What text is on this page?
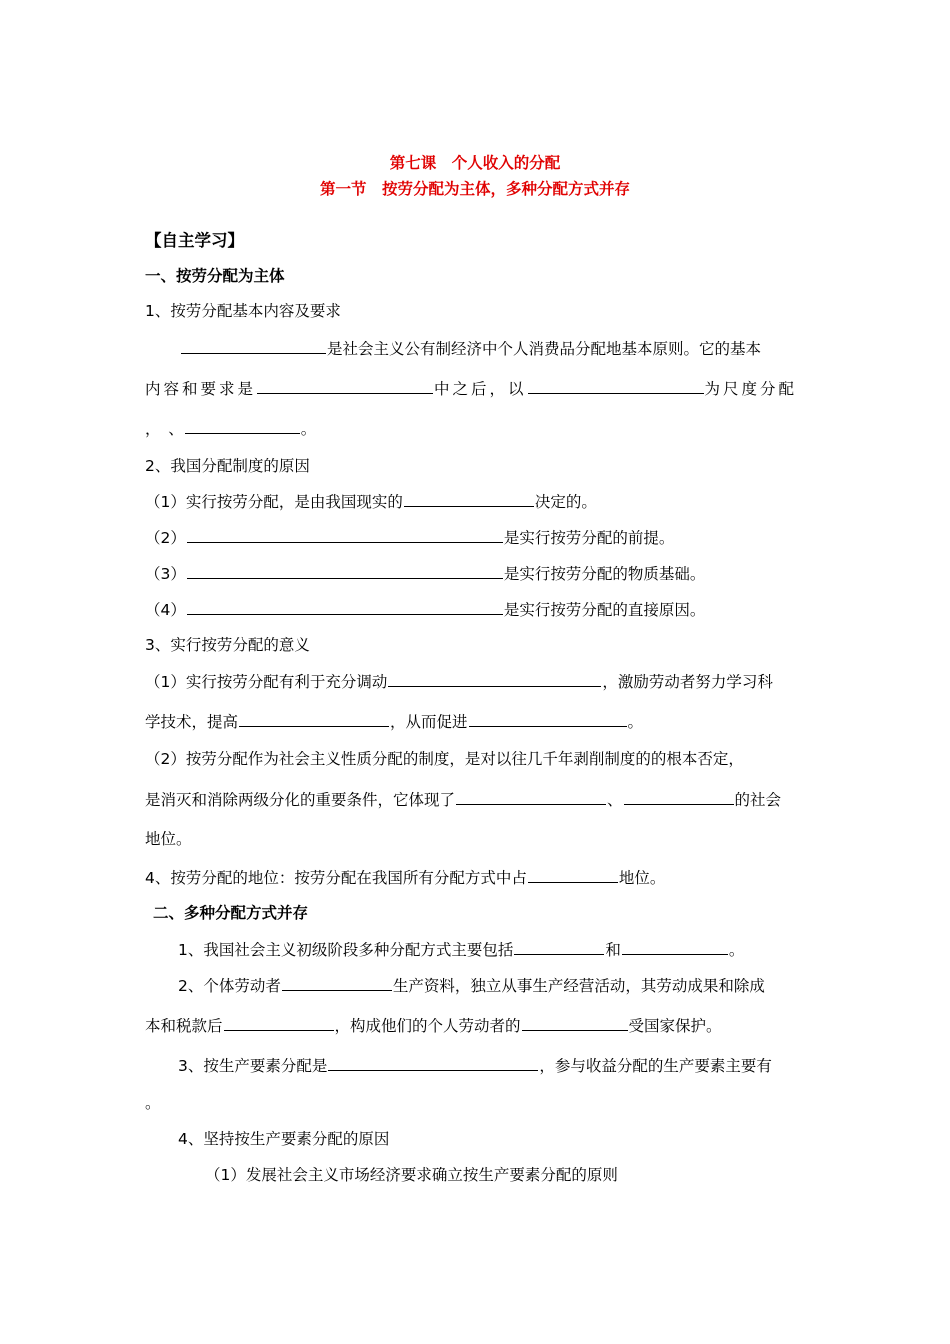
第七课　个人收入的分配
第一节　按劳分配为主体，多种分配方式并存
【自主学习】
一、按劳分配为主体
1、按劳分配基本内容及要求
是社会主义公有制经济中个人消费品分配地基本原则。它的基本
内容和要求是	中之后，以	为尺度分配
，　、	。
2、我国分配制度的原因
（1）实行按劳分配，是由我国现实的	决定的。
（2）	是实行按劳分配的前提。
（3）	是实行按劳分配的物质基础。
（4）	是实行按劳分配的直接原因。
3、实行按劳分配的意义
（1）实行按劳分配有利于充分调动	，激励劳动者努力学习科
学技术，提高	，从而促进	。
（2）按劳分配作为社会主义性质分配的制度，是对以往几千年剥削制度的的根本否定，
是消灭和消除两级分化的重要条件，它体现了	、	的社会
地位。
4、按劳分配的地位：按劳分配在我国所有分配方式中占	地位。
二、多种分配方式并存
1、我国社会主义初级阶段多种分配方式主要包括	和	。
2、个体劳动者	生产资料，独立从事生产经营活动，其劳动成果和除成
本和税款后	，构成他们的个人劳动者的	受国家保护。
3、按生产要素分配是	，参与收益分配的生产要素主要有
。
4、坚持按生产要素分配的原因
（1）发展社会主义市场经济要求确立按生产要素分配的原则
